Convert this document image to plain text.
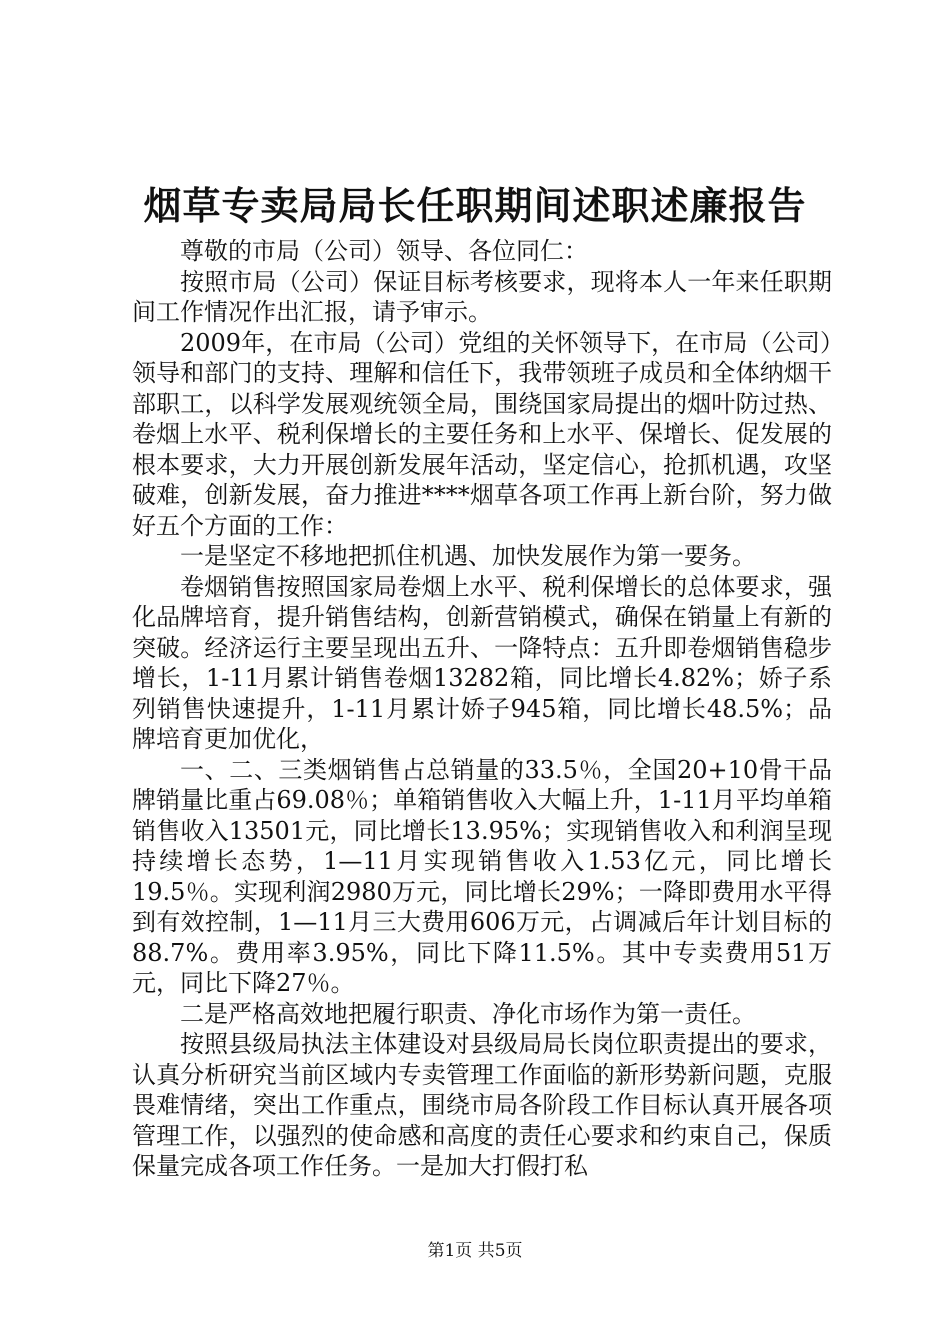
烟草专卖局局长任职期间述职述廉报告

尊敬的市局（公司）领导、各位同仁：

按照市局（公司）保证目标考核要求，现将本人一年来任职期间工作情况作出汇报，请予审示。

2009年，在市局（公司）党组的关怀领导下，在市局（公司）领导和部门的支持、理解和信任下，我带领班子成员和全体纳烟干部职工，以科学发展观统领全局，围绕国家局提出的烟叶防过热、卷烟上水平、税利保增长的主要任务和上水平、保增长、促发展的根本要求，大力开展创新发展年活动，坚定信心，抢抓机遇，攻坚破难，创新发展，奋力推进****烟草各项工作再上新台阶，努力做好五个方面的工作：

一是坚定不移地把抓住机遇、加快发展作为第一要务。

卷烟销售按照国家局卷烟上水平、税利保增长的总体要求，强化品牌培育，提升销售结构，创新营销模式，确保在销量上有新的突破。经济运行主要呈现出五升、一降特点：五升即卷烟销售稳步增长，1-11月累计销售卷烟13282箱，同比增长4.82%；娇子系列销售快速提升，1-11月累计娇子945箱，同比增长48.5%；品牌培育更加优化，

一、二、三类烟销售占总销量的33.5％，全国20+10骨干品牌销量比重占69.08％；单箱销售收入大幅上升，1-11月平均单箱销售收入13501元，同比增长13.95%；实现销售收入和利润呈现持续增长态势，1—11月实现销售收入1.53亿元，同比增长19.5％。实现利润2980万元，同比增长29%；一降即费用水平得到有效控制，1—11月三大费用606万元，占调减后年计划目标的88.7%。费用率3.95%，同比下降11.5%。其中专卖费用51万元，同比下降27％。

二是严格高效地把履行职责、净化市场作为第一责任。

按照县级局执法主体建设对县级局局长岗位职责提出的要求，认真分析研究当前区域内专卖管理工作面临的新形势新问题，克服畏难情绪，突出工作重点，围绕市局各阶段工作目标认真开展各项管理工作，以强烈的使命感和高度的责任心要求和约束自己，保质保量完成各项工作任务。一是加大打假打私

第1页 共5页
